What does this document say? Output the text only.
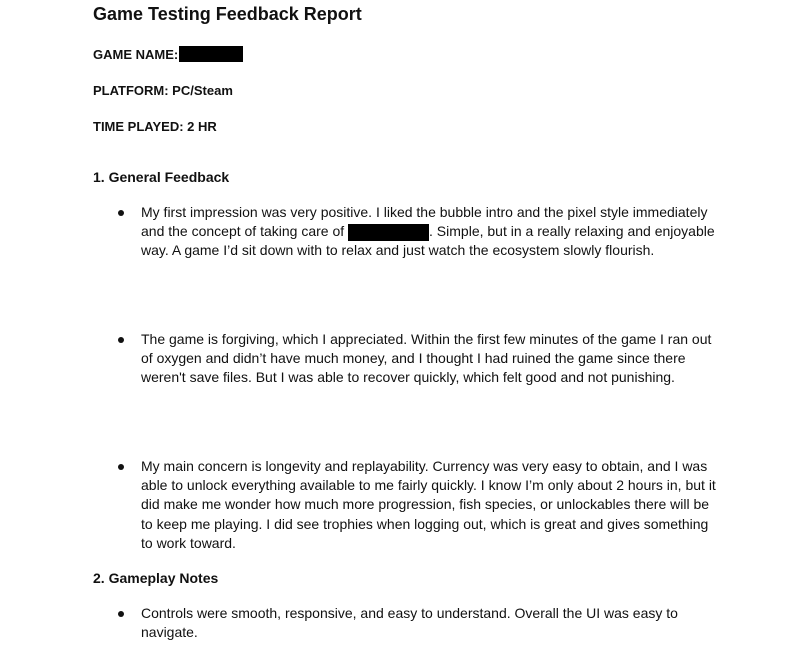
Game Testing Feedback Report

GAME NAME:

PLATFORM: PC/Steam

TIME PLAYED: 2 HR

1. General Feedback
My first impression was very positive. I liked the bubble intro and the pixel style immediately and the concept of taking care of	. Simple, but in a really relaxing and enjoyable way. A game I’d sit down with to relax and just watch the ecosystem slowly flourish.
The game is forgiving, which I appreciated. Within the first few minutes of the game I ran out of oxygen and didn’t have much money, and I thought I had ruined the game since there weren't save files. But I was able to recover quickly, which felt good and not punishing.
My main concern is longevity and replayability. Currency was very easy to obtain, and I was able to unlock everything available to me fairly quickly. I know I’m only about 2 hours in, but it did make me wonder how much more progression, fish species, or unlockables there will be to keep me playing. I did see trophies when logging out, which is great and gives something to work toward.
2. Gameplay Notes
Controls were smooth, responsive, and easy to understand. Overall the UI was easy to navigate.
